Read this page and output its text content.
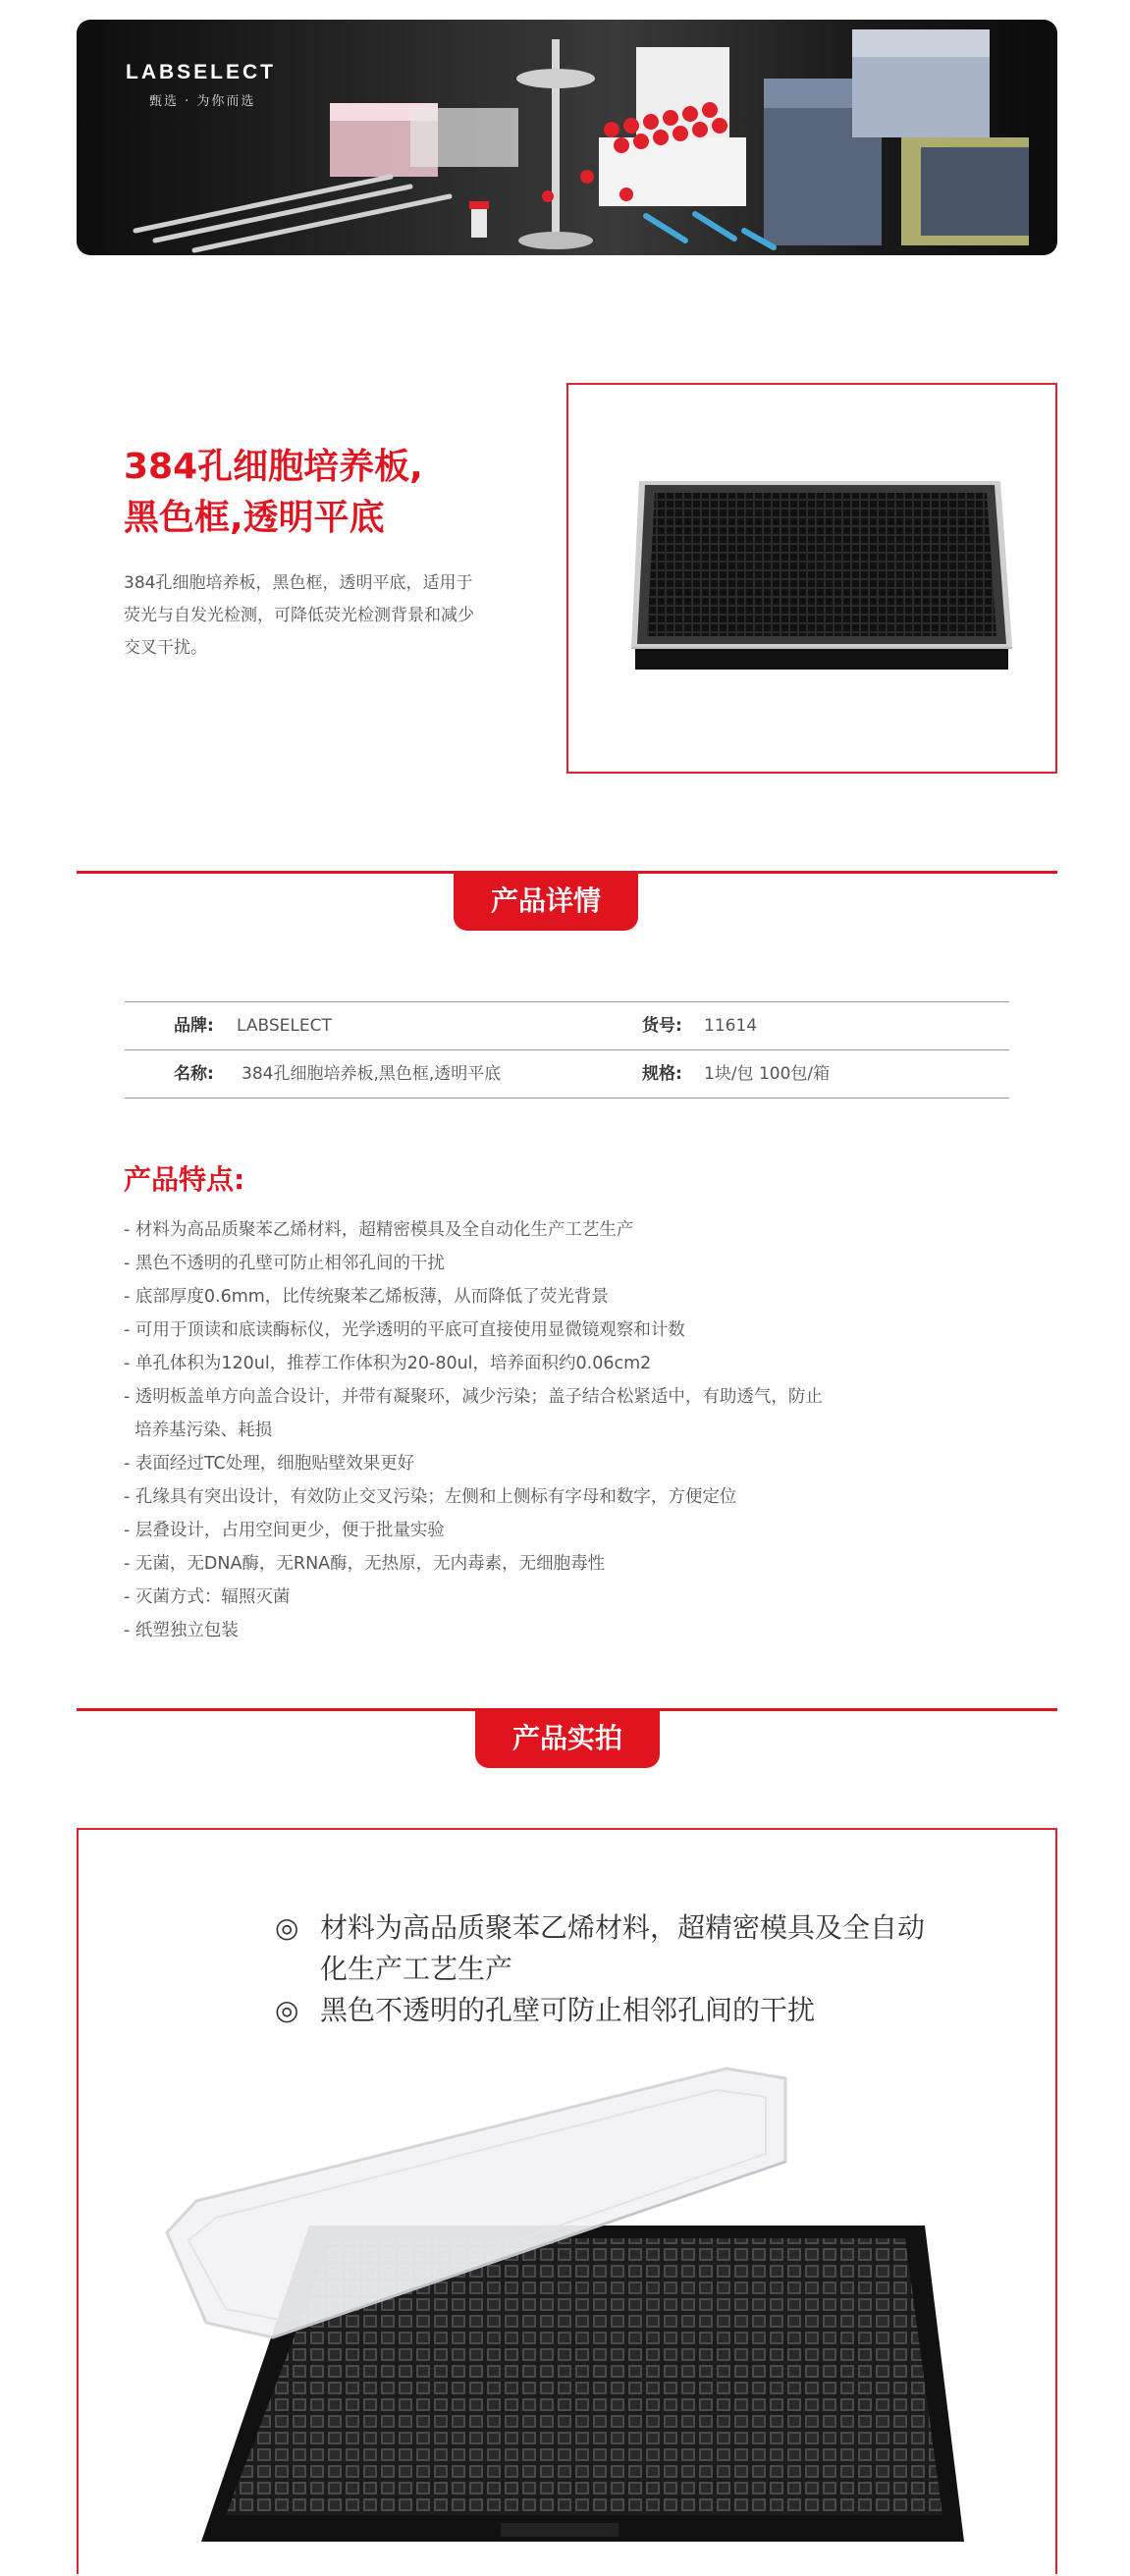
LABSELECT
甄选 · 为你而选
384孔细胞培养板,
黑色框,透明平底
384孔细胞培养板，黑色框，透明平底，适用于荧光与自发光检测，可降低荧光检测背景和减少交叉干扰。
产品详情
品牌: LABSELECT	货号: 11614
名称: 384孔细胞培养板,黑色框,透明平底	规格: 1块/包 100包/箱
产品特点:
- 材料为高品质聚苯乙烯材料，超精密模具及全自动化生产工艺生产
- 黑色不透明的孔壁可防止相邻孔间的干扰
- 底部厚度0.6mm，比传统聚苯乙烯板薄，从而降低了荧光背景
- 可用于顶读和底读酶标仪，光学透明的平底可直接使用显微镜观察和计数
- 单孔体积为120ul，推荐工作体积为20-80ul，培养面积约0.06cm2
- 透明板盖单方向盖合设计，并带有凝聚环，减少污染；盖子结合松紧适中，有助透气，防止
培养基污染、耗损
- 表面经过TC处理，细胞贴壁效果更好
- 孔缘具有突出设计，有效防止交叉污染；左侧和上侧标有字母和数字，方便定位
- 层叠设计，占用空间更少，便于批量实验
- 无菌，无DNA酶，无RNA酶，无热原，无内毒素，无细胞毒性
- 灭菌方式：辐照灭菌
- 纸塑独立包装
产品实拍
◎ 材料为高品质聚苯乙烯材料，超精密模具及全自动
化生产工艺生产
◎ 黑色不透明的孔壁可防止相邻孔间的干扰
